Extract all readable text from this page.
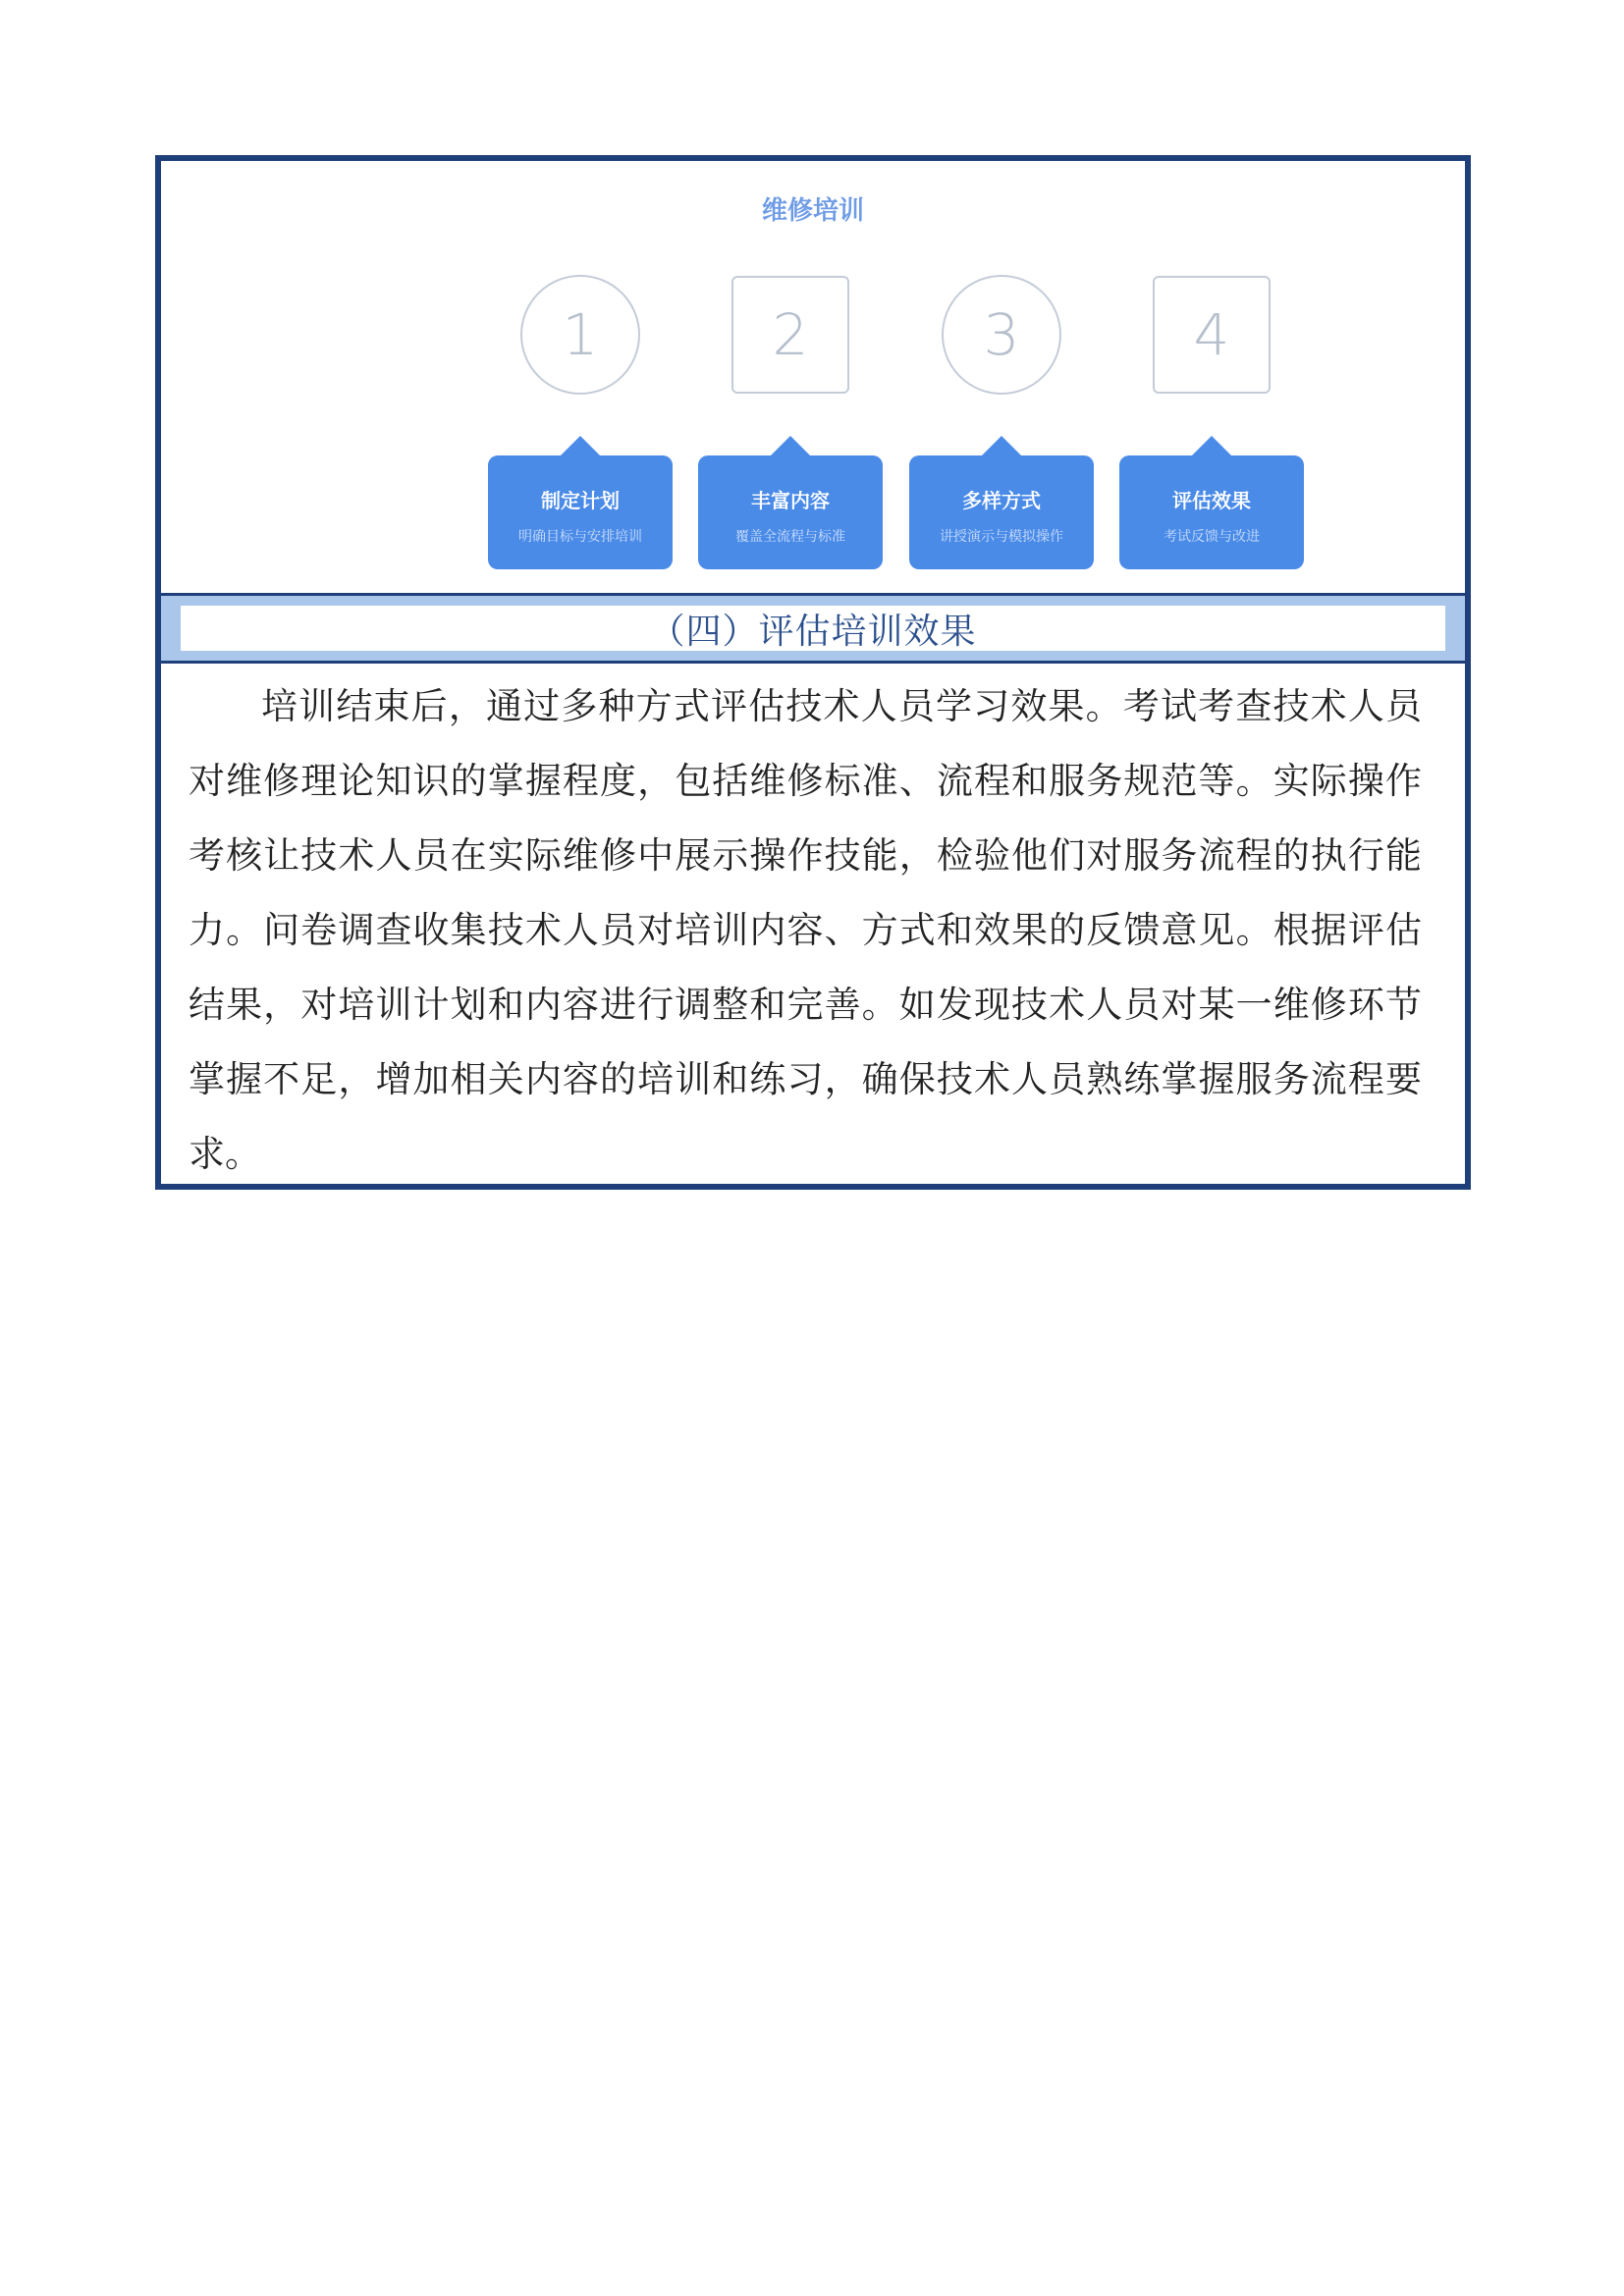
维修培训
1
制定计划
明确目标与安排培训
2
丰富内容
覆盖全流程与标准
3
多样方式
讲授演示与模拟操作
4
评估效果
考试反馈与改进
（四）评估培训效果

培训结束后，通过多种方式评估技术人员学习效果。考试考查技术人员对维修理论知识的掌握程度，包括维修标准、流程和服务规范等。实际操作考核让技术人员在实际维修中展示操作技能，检验他们对服务流程的执行能力。问卷调查收集技术人员对培训内容、方式和效果的反馈意见。根据评估结果，对培训计划和内容进行调整和完善。如发现技术人员对某一维修环节掌握不足，增加相关内容的培训和练习，确保技术人员熟练掌握服务流程要求。
